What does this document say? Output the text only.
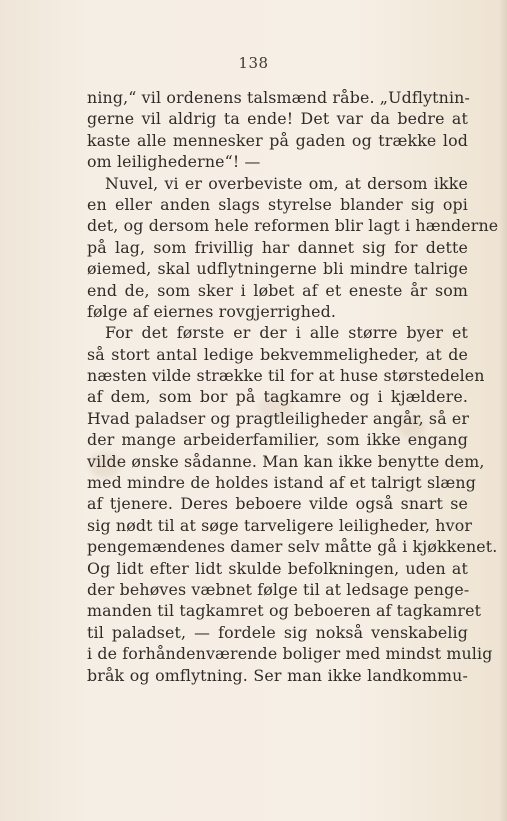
138
ning,“ vil ordenens talsmænd råbe. „Udflytnin-
gerne vil aldrig ta ende! Det var da bedre at
kaste alle mennesker på gaden og trække lod
om leilighederne“! —
Nuvel, vi er overbeviste om, at dersom ikke
en eller anden slags styrelse blander sig opi
det, og dersom hele reformen blir lagt i hænderne
på lag, som frivillig har dannet sig for dette
øiemed, skal udflytningerne bli mindre talrige
end de, som sker i løbet af et eneste år som
følge af eiernes rovgjerrighed.
For det første er der i alle større byer et
så stort antal ledige bekvemmeligheder, at de
næsten vilde strække til for at huse størstedelen
af dem, som bor på tagkamre og i kjældere.
Hvad paladser og pragtleiligheder angår, så er
der mange arbeiderfamilier, som ikke engang
vilde ønske sådanne. Man kan ikke benytte dem,
med mindre de holdes istand af et talrigt slæng
af tjenere. Deres beboere vilde også snart se
sig nødt til at søge tarveligere leiligheder, hvor
pengemændenes damer selv måtte gå i kjøkkenet.
Og lidt efter lidt skulde befolkningen, uden at
der behøves væbnet følge til at ledsage penge-
manden til tagkamret og beboeren af tagkamret
til paladset, — fordele sig nokså venskabelig
i de forhåndenværende boliger med mindst mulig
bråk og omflytning. Ser man ikke landkommu-
